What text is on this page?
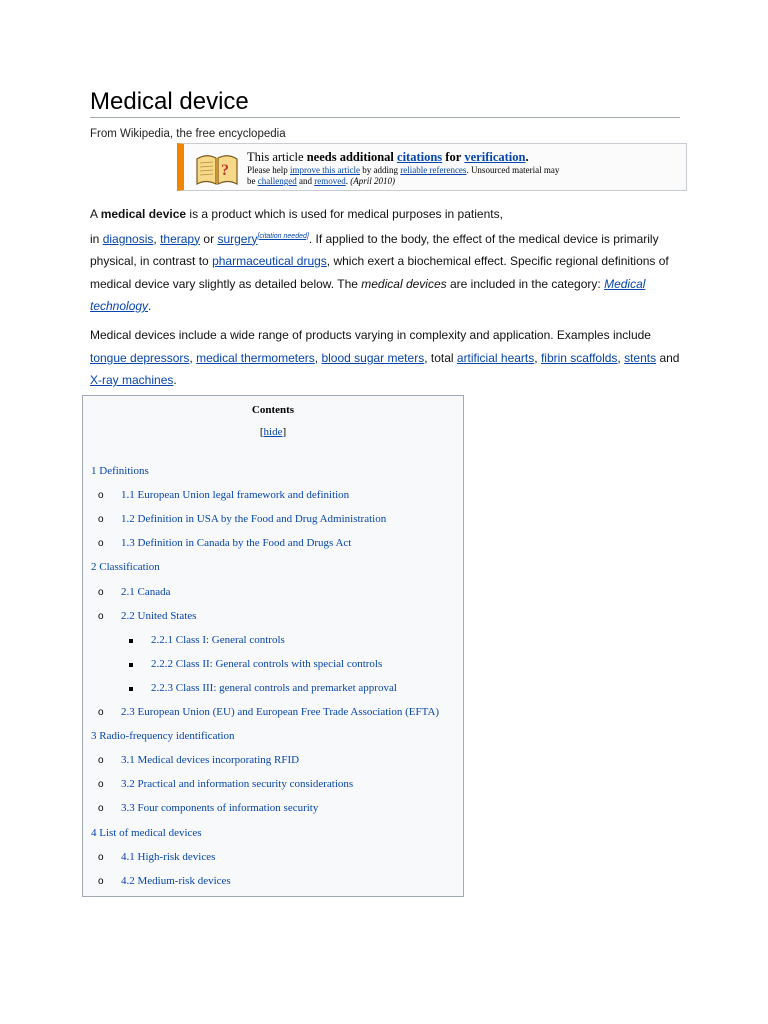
Medical device
From Wikipedia, the free encyclopedia
?
This article needs additional citations for verification.
Please help improve this article by adding reliable references. Unsourced material may
be challenged and removed. (April 2010)
A medical device is a product which is used for medical purposes in patients,
in diagnosis, therapy or surgery[citation needed]. If applied to the body, the effect of the medical device is primarily physical, in contrast to pharmaceutical drugs, which exert a biochemical effect. Specific regional definitions of medical device vary slightly as detailed below. The medical devices are included in the category: Medical technology.
Medical devices include a wide range of products varying in complexity and application. Examples include tongue depressors, medical thermometers, blood sugar meters, total artificial hearts, fibrin scaffolds, stents and X-ray machines.
Contents
[hide]
1 Definitions
o 1.1 European Union legal framework and definition
o 1.2 Definition in USA by the Food and Drug Administration
o 1.3 Definition in Canada by the Food and Drugs Act
2 Classification
o 2.1 Canada
o 2.2 United States
2.2.1 Class I: General controls
2.2.2 Class II: General controls with special controls
2.2.3 Class III: general controls and premarket approval
o 2.3 European Union (EU) and European Free Trade Association (EFTA)
3 Radio-frequency identification
o 3.1 Medical devices incorporating RFID
o 3.2 Practical and information security considerations
o 3.3 Four components of information security
4 List of medical devices
o 4.1 High-risk devices
o 4.2 Medium-risk devices
